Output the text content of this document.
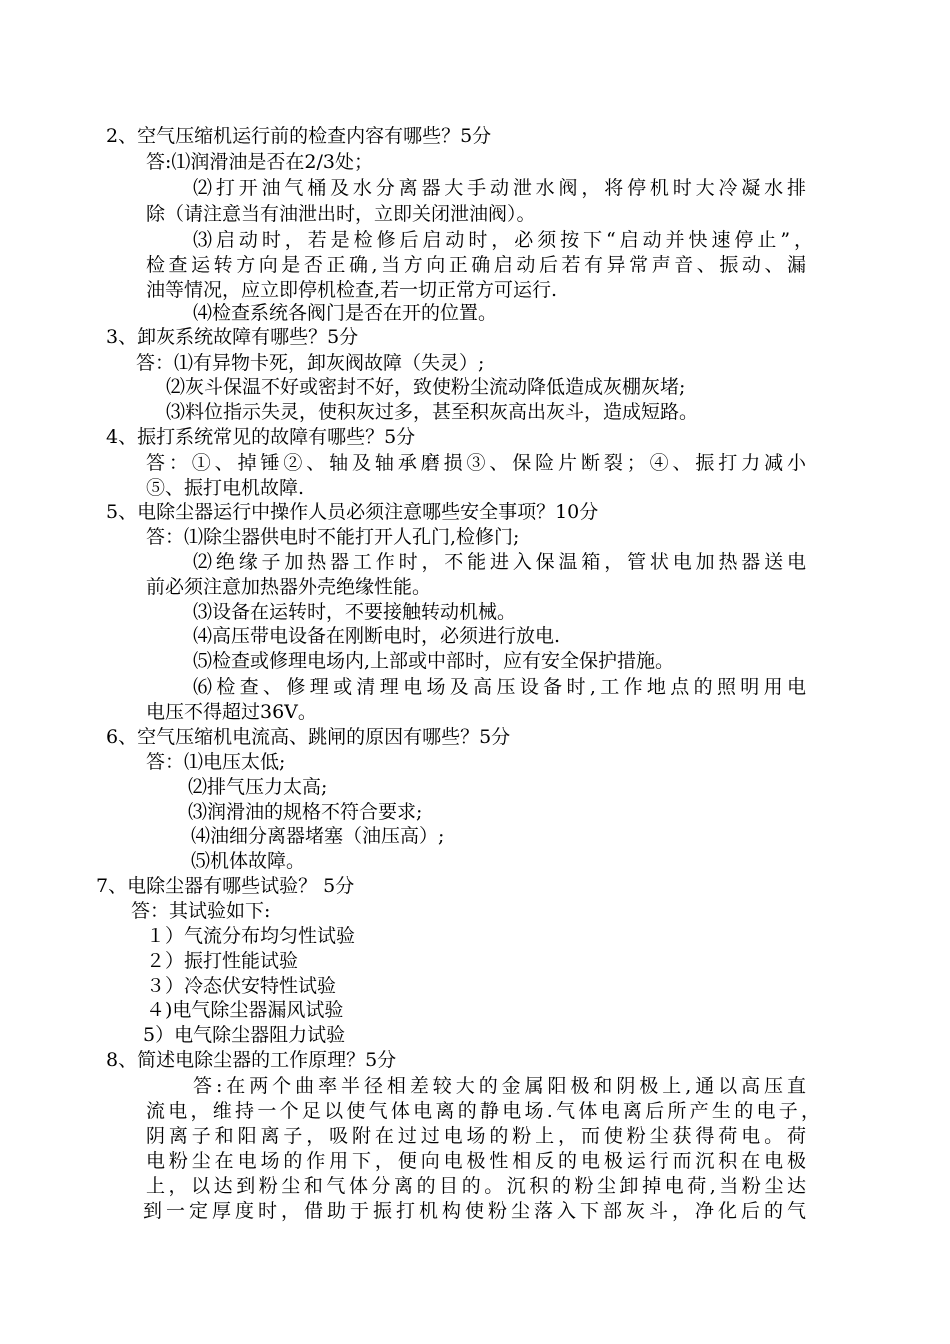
2、空气压缩机运行前的检查内容有哪些？5分
答:⑴润滑油是否在2/3处；
⑵打开油气桶及水分离器大手动泄水阀，将停机时大冷凝水排
除（请注意当有油泄出时，立即关闭泄油阀）。
⑶启动时，若是检修后启动时，必须按下“启动并快速停止”，
检查运转方向是否正确,当方向正确启动后若有异常声音、振动、漏
油等情况，应立即停机检查,若一切正常方可运行.
⑷检查系统各阀门是否在开的位置。
3、卸灰系统故障有哪些？5分
答：⑴有异物卡死，卸灰阀故障（失灵）;
⑵灰斗保温不好或密封不好，致使粉尘流动降低造成灰棚灰堵;
⑶料位指示失灵，使积灰过多，甚至积灰高出灰斗，造成短路。
4、振打系统常见的故障有哪些？5分
答：①、掉锤②、轴及轴承磨损③、保险片断裂；④、振打力减小
⑤、振打电机故障.
5、电除尘器运行中操作人员必须注意哪些安全事项？10分
答：⑴除尘器供电时不能打开人孔门,检修门;
⑵绝缘子加热器工作时，不能进入保温箱，管状电加热器送电
前必须注意加热器外壳绝缘性能。
⑶设备在运转时，不要接触转动机械。
⑷高压带电设备在刚断电时，必须进行放电.
⑸检查或修理电场内,上部或中部时，应有安全保护措施。
⑹检查、修理或清理电场及高压设备时,工作地点的照明用电
电压不得超过36V。
6、空气压缩机电流高、跳闸的原因有哪些？5分
答：⑴电压太低;
⑵排气压力太高;
⑶润滑油的规格不符合要求;
⑷油细分离器堵塞（油压高）;
⑸机体故障。
7、电除尘器有哪些试验？ 5分
答：其试验如下:
１）气流分布均匀性试验
２）振打性能试验
３）冷态伏安特性试验
４)电气除尘器漏风试验
5）电气除尘器阻力试验
8、简述电除尘器的工作原理？5分
答:在两个曲率半径相差较大的金属阳极和阴极上,通以高压直
流电，维持一个足以使气体电离的静电场.气体电离后所产生的电子，
阴离子和阳离子，吸附在过过电场的粉上，而使粉尘获得荷电。荷
电粉尘在电场的作用下，便向电极性相反的电极运行而沉积在电极
上，以达到粉尘和气体分离的目的。沉积的粉尘卸掉电荷,当粉尘达
到一定厚度时，借助于振打机构使粉尘落入下部灰斗，净化后的气
